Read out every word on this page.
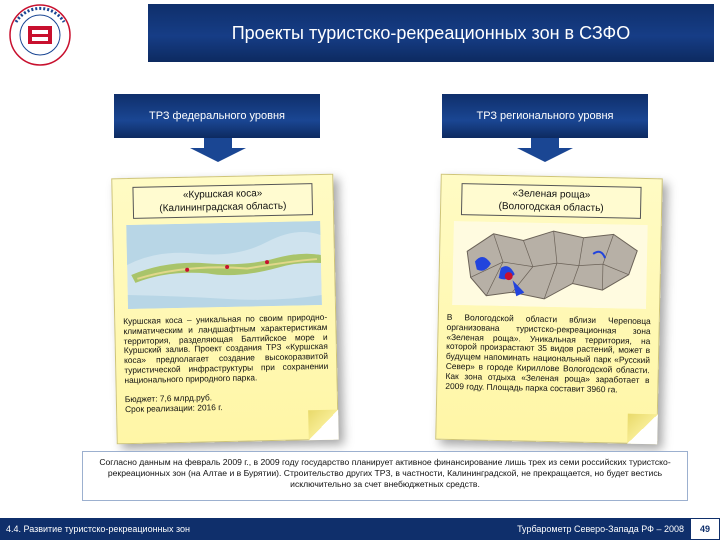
Проекты туристско-рекреационных зон в СЗФО
ТРЗ федерального уровня	ТРЗ регионального уровня
«Куршская коса»
(Калининградская область)
Куршская коса – уникальная по своим природно-климатическим и ландшафтным характеристикам территория, разделяющая Балтийское море и Куршский залив. Проект создания ТРЗ «Куршская коса» предполагает создание высокоразвитой туристической инфраструктуры при сохранении национального природного парка.
Бюджет: 7,6 млрд.руб.
Срок реализации: 2016 г.
«Зеленая роща»
(Вологодская область)
В Вологодской области вблизи Череповца организована туристско-рекреационная зона «Зеленая роща». Уникальная территория, на которой произрастают 35 видов растений, может в будущем напоминать национальный парк «Русский Север» в городе Кириллове Вологодской области. Как зона отдыха «Зеленая роща» заработает в 2009 году. Площадь парка составит 3960 га.
Согласно данным на февраль 2009 г., в 2009 году государство планирует активное финансирование лишь трех из семи российских туристско-рекреационных зон (на Алтае и в Бурятии). Строительство других ТРЗ, в частности, Калининградской, не прекращается, но будет вестись исключительно за счет внебюджетных средств.
4.4. Развитие туристско-рекреационных зон	Турбарометр Северо-Запада РФ – 2008	49
